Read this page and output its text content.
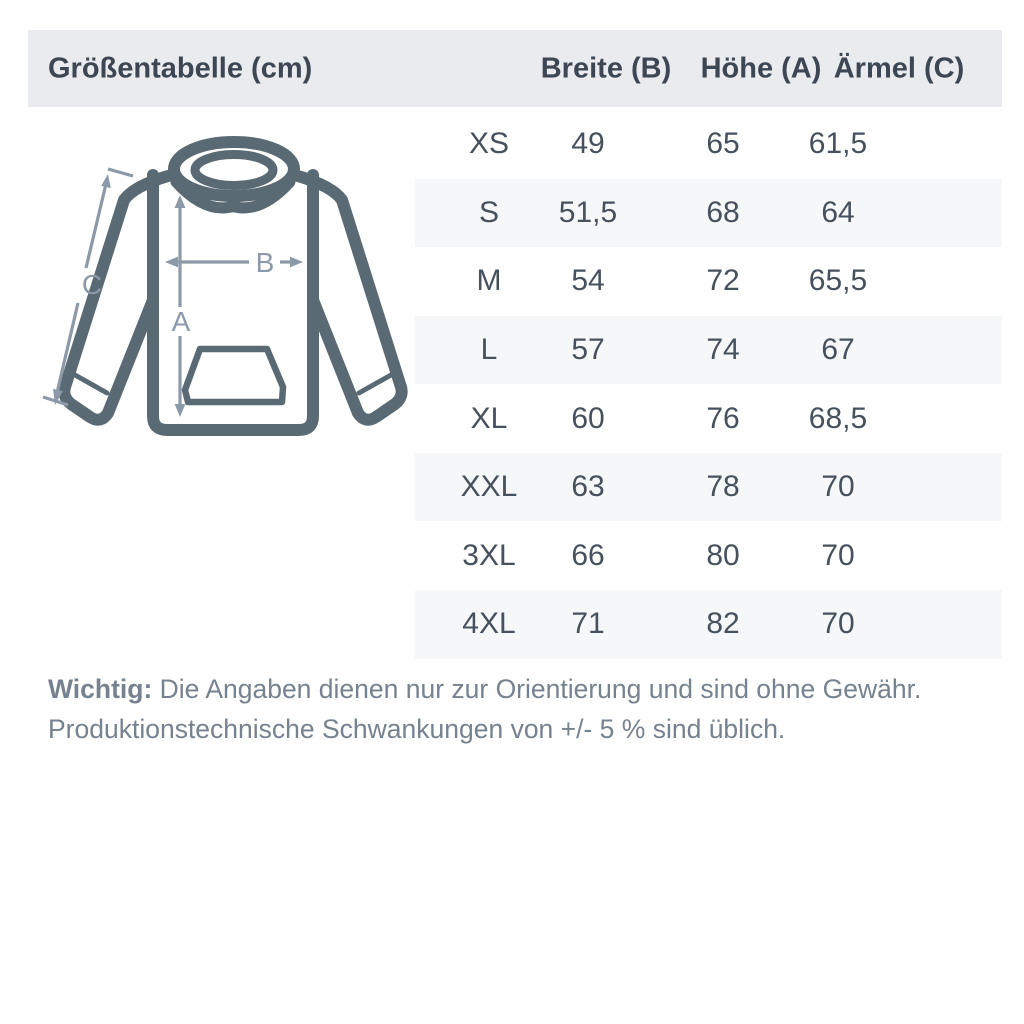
Größentabelle (cm)	Breite (B) Höhe (A) Ärmel (C)
XS 49	65 61,5
S 51,5	68	64
M 54	72 65,5
L 57	74	67
XL 60	76 68,5
XXL 63	78	70
3XL 66	80	70
4XL 71	82	70
A
B
C

Wichtig: Die Angaben dienen nur zur Orientierung und sind ohne Gewähr.

Produktionstechnische Schwankungen von +/- 5 % sind üblich.
